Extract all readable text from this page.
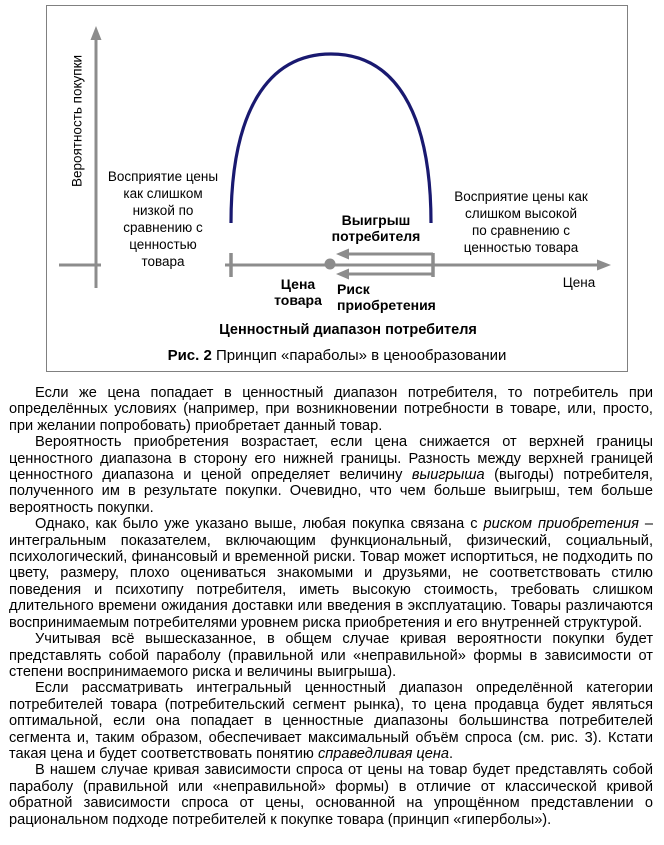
Вероятность покупки
Цена
Восприятие цены
как слишком
низкой по
сравнению с
ценностью
товара
Восприятие цены как
слишком высокой
по сравнению с
ценностью товара
Выигрыш
потребителя
Цена
товара
Риск
приобретения
Ценностный диапазон потребителя
Рис. 2 Принцип «параболы» в ценообразовании

Если же цена попадает в ценностный диапазон потребителя, то потребитель при определённых условиях (например, при возникновении потребности в товаре, или, просто, при желании попробовать) приобретает данный товар.

Вероятность приобретения возрастает, если цена снижается от верхней границы ценностного диапазона в сторону его нижней границы. Разность между верхней границей ценностного диапазона и ценой определяет величину выигрыша (выгоды) потребителя, полученного им в результате покупки. Очевидно, что чем больше выигрыш, тем больше вероятность покупки.

Однако, как было уже указано выше, любая покупка связана с риском приобретения – интегральным показателем, включающим функциональный, физический, социальный, психологический, финансовый и временной риски. Товар может испортиться, не подходить по цвету, размеру, плохо оцениваться знакомыми и друзьями, не соответствовать стилю поведения и психотипу потребителя, иметь высокую стоимость, требовать слишком длительного времени ожидания доставки или введения в эксплуатацию. Товары различаются воспринимаемым потребителями уровнем риска приобретения и его внутренней структурой.

Учитывая всё вышесказанное, в общем случае кривая вероятности покупки будет представлять собой параболу (правильной или «неправильной» формы в зависимости от степени воспринимаемого риска и величины выигрыша).

Если рассматривать интегральный ценностный диапазон определённой категории потребителей товара (потребительский сегмент рынка), то цена продавца будет являться оптимальной, если она попадает в ценностные диапазоны большинства потребителей сегмента и, таким образом, обеспечивает максимальный объём спроса (см. рис. 3). Кстати такая цена и будет соответствовать понятию справедливая цена.

В нашем случае кривая зависимости спроса от цены на товар будет представлять собой параболу (правильной или «неправильной» формы) в отличие от классической кривой обратной зависимости спроса от цены, основанной на упрощённом представлении о рациональном подходе потребителей к покупке товара (принцип «гиперболы»).
